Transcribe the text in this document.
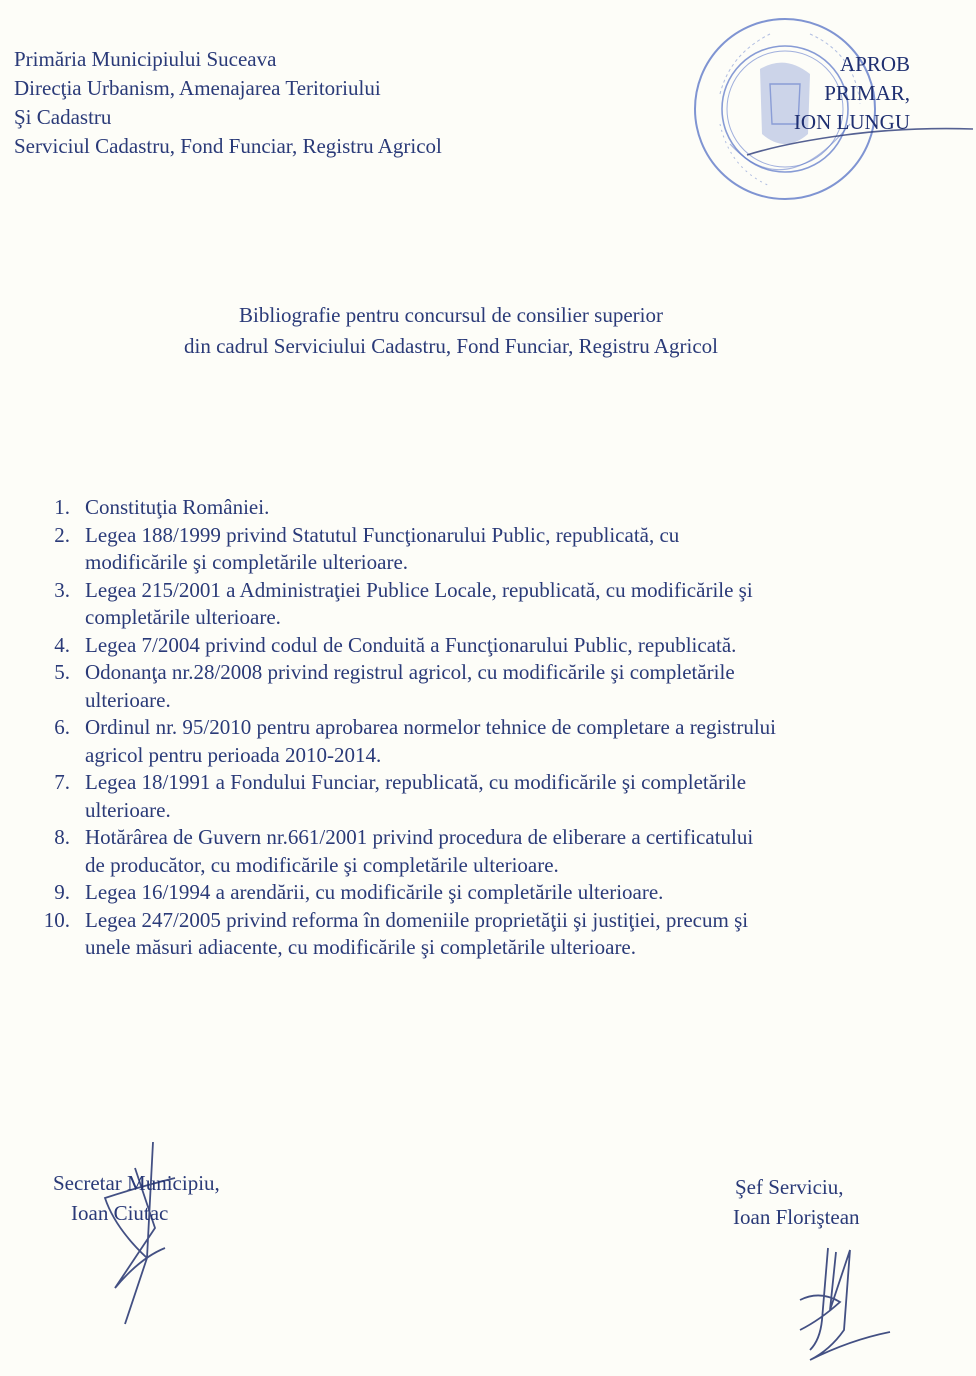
Primăria Municipiului Suceava
Direcţia Urbanism, Amenajarea Teritoriului
Şi Cadastru
Serviciul Cadastru, Fond Funciar, Registru Agricol
APROB
PRIMAR,
ION LUNGU
Bibliografie pentru concursul de consilier superior
din cadrul Serviciului Cadastru, Fond Funciar, Registru Agricol
1. Constituţia României.
2. Legea 188/1999 privind Statutul Funcţionarului Public, republicată, cu
modificările şi completările ulterioare.
3. Legea 215/2001 a Administraţiei Publice Locale, republicată, cu modificările şi
completările ulterioare.
4. Legea 7/2004 privind codul de Conduită a Funcţionarului Public, republicată.
5. Odonanţa nr.28/2008 privind registrul agricol, cu modificările şi completările
ulterioare.
6. Ordinul nr. 95/2010 pentru aprobarea normelor tehnice de completare a registrului
agricol pentru perioada 2010-2014.
7. Legea 18/1991 a Fondului Funciar, republicată, cu modificările şi completările
ulterioare.
8. Hotărârea de Guvern nr.661/2001 privind procedura de eliberare a certificatului
de producător, cu modificările şi completările ulterioare.
9. Legea 16/1994 a arendării, cu modificările şi completările ulterioare.
10. Legea 247/2005 privind reforma în domeniile proprietăţii şi justiţiei, precum şi
unele măsuri adiacente, cu modificările şi completările ulterioare.
Secretar Municipiu,
Ioan Ciutac
Şef Serviciu,
Ioan Florіştean
